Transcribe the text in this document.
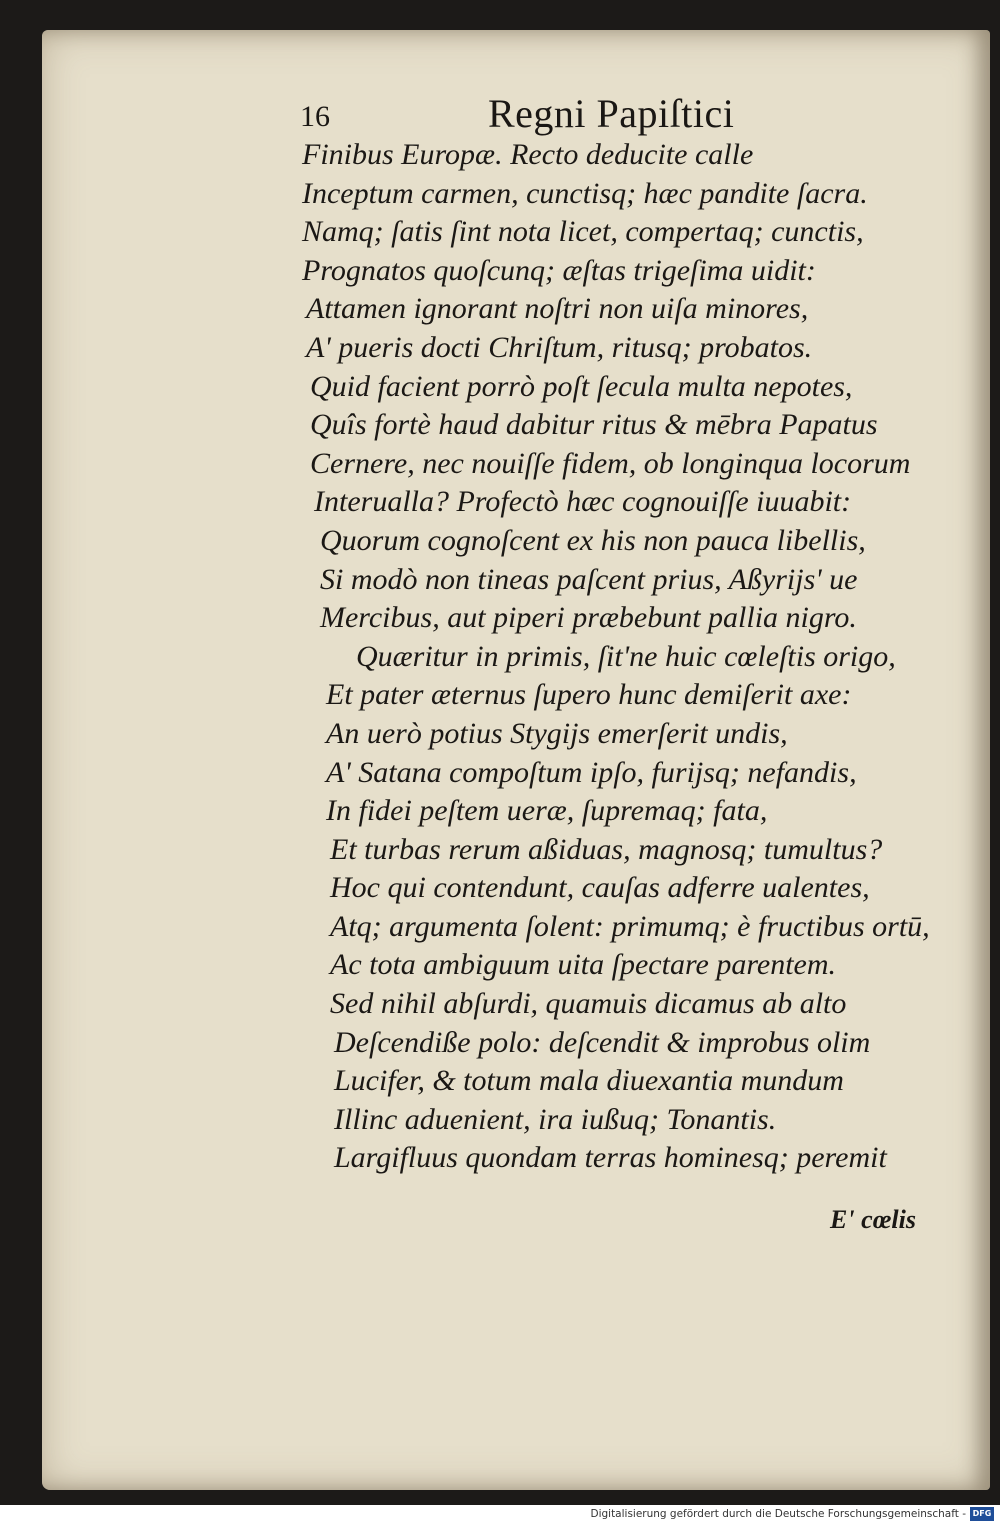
16	Regni Papiſtici
Finibus Europæ. Recto deducite calle
Inceptum carmen, cunctisq; hæc pandite ſacra.
Namq; ſatis ſint nota licet, compertaq; cunctis,
Prognatos quoſcunq; æſtas trigeſima uidit:
Attamen ignorant noſtri non uiſa minores,
A' pueris docti Chriſtum, ritusq; probatos.
Quid facient porrò poſt ſecula multa nepotes,
Quîs fortè haud dabitur ritus & mēbra Papatus
Cernere, nec nouiſſe fidem, ob longinqua locorum
Interualla? Profectò hæc cognouiſſe iuuabit:
Quorum cognoſcent ex his non pauca libellis,
Si modò non tineas paſcent prius, Aßyrijs' ue
Mercibus, aut piperi præbebunt pallia nigro.
Quæritur in primis, ſit'ne huic cœleſtis origo,
Et pater æternus ſupero hunc demiſerit axe:
An uerò potius Stygijs emerſerit undis,
A' Satana compoſtum ipſo, furijsq; nefandis,
In fidei peſtem ueræ, ſupremaq; fata,
Et turbas rerum aßiduas, magnosq; tumultus?
Hoc qui contendunt, cauſas adferre ualentes,
Atq; argumenta ſolent: primumq; è fructibus ortū,
Ac tota ambiguum uita ſpectare parentem.
Sed nihil abſurdi, quamuis dicamus ab alto
Deſcendiße polo: deſcendit & improbus olim
Lucifer, & totum mala diuexantia mundum
Illinc aduenient, ira iußuq; Tonantis.
Largifluus quondam terras hominesq; peremit
E' cœlis
Digitalisierung gefördert durch die Deutsche Forschungsgemeinschaft - DFG
